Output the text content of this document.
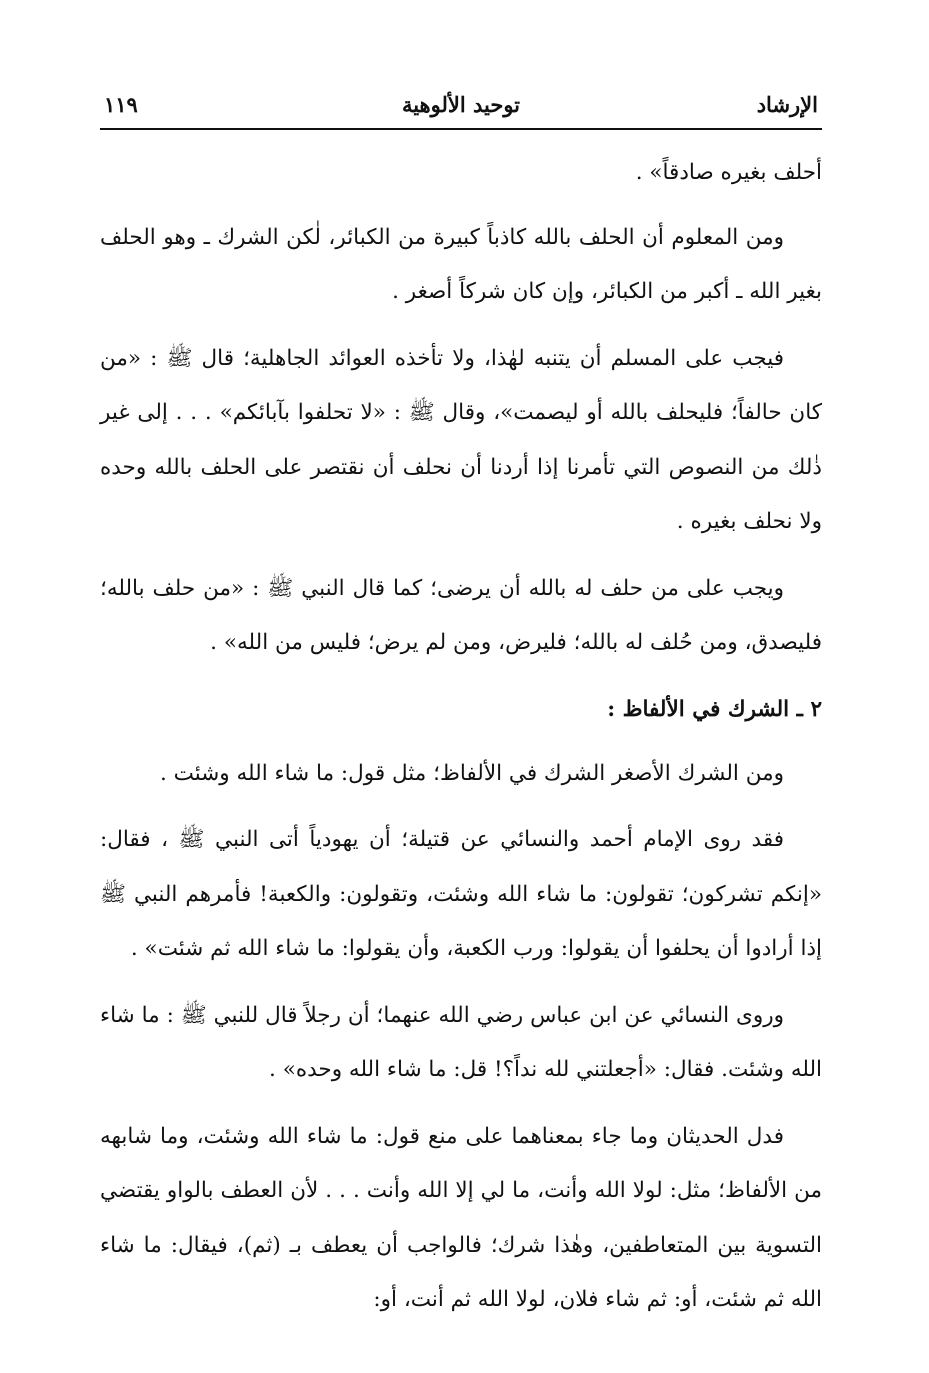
الإرشاد
توحيد الألوهية
١١٩

أحلف بغيره صادقاً» .

ومن المعلوم أن الحلف بالله كاذباً كبيرة من الكبائر، لٰكن الشرك ـ وهو الحلف بغير الله ـ أكبر من الكبائر، وإن كان شركاً أصغر .

فيجب على المسلم أن يتنبه لهٰذا، ولا تأخذه العوائد الجاهلية؛ قال ﷺ : «من كان حالفاً؛ فليحلف بالله أو ليصمت»، وقال ﷺ : «لا تحلفوا بآبائكم» . . . إلى غير ذٰلك من النصوص التي تأمرنا إذا أردنا أن نحلف أن نقتصر على الحلف بالله وحده ولا نحلف بغيره .

ويجب على من حلف له بالله أن يرضى؛ كما قال النبي ﷺ : «من حلف بالله؛ فليصدق، ومن حُلف له بالله؛ فليرض، ومن لم يرض؛ فليس من الله» .

٢ ـ الشرك في الألفاظ :

ومن الشرك الأصغر الشرك في الألفاظ؛ مثل قول: ما شاء الله وشئت .

فقد روى الإمام أحمد والنسائي عن قتيلة؛ أن يهودياً أتى النبي ﷺ ، فقال: «إنكم تشركون؛ تقولون: ما شاء الله وشئت، وتقولون: والكعبة! فأمرهم النبي ﷺ إذا أرادوا أن يحلفوا أن يقولوا: ورب الكعبة، وأن يقولوا: ما شاء الله ثم شئت» .

وروى النسائي عن ابن عباس رضي الله عنهما؛ أن رجلاً قال للنبي ﷺ : ما شاء الله وشئت. فقال: «أجعلتني لله نداً؟! قل: ما شاء الله وحده» .

فدل الحديثان وما جاء بمعناهما على منع قول: ما شاء الله وشئت، وما شابهه من الألفاظ؛ مثل: لولا الله وأنت، ما لي إلا الله وأنت . . . لأن العطف بالواو يقتضي التسوية بين المتعاطفين، وهٰذا شرك؛ فالواجب أن يعطف بـ (ثم)، فيقال: ما شاء الله ثم شئت، أو: ثم شاء فلان، لولا الله ثم أنت، أو:
